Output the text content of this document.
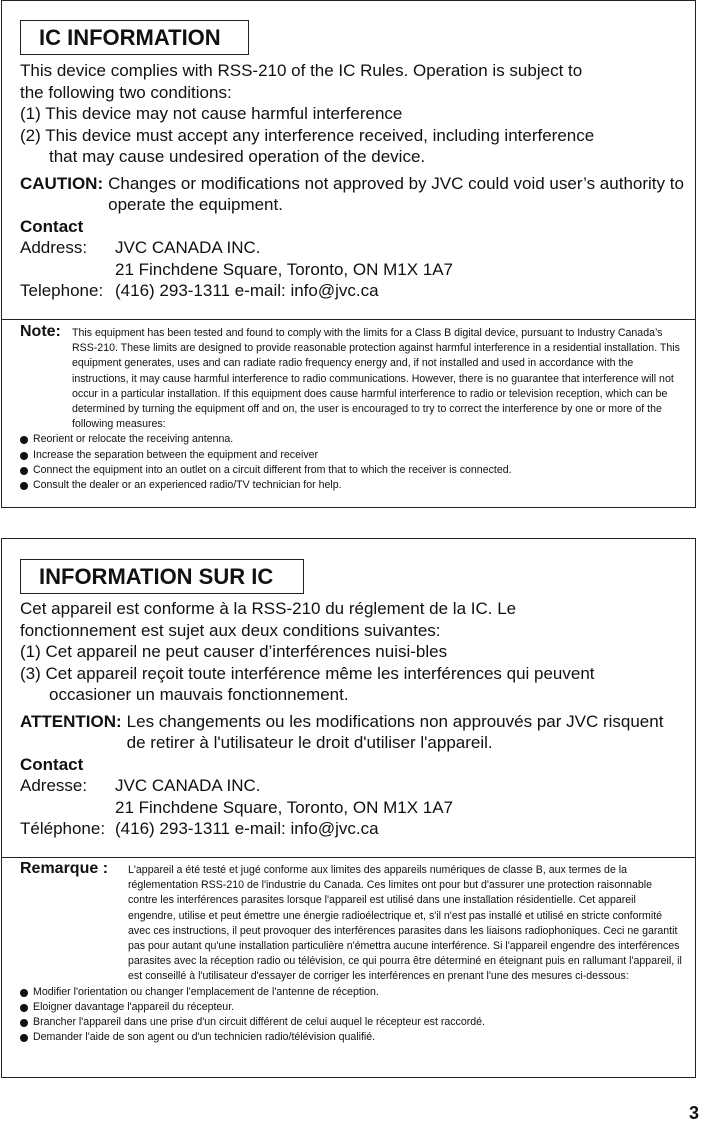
IC INFORMATION

This device complies with RSS-210 of the IC Rules. Operation is subject to

the following two conditions:

(1) This device may not cause harmful interference

(2) This device must accept any interference received, including interference

that may cause undesired operation of the device.

CAUTION: Changes or modifications not approved by JVC could void user’s authority to operate the equipment.
Contact
Address:	JVC CANADA INC.
21 Finchdene Square, Toronto, ON M1X 1A7
Telephone: (416) 293-1311 e-mail: info@jvc.ca
Note:	This equipment has been tested and found to comply with the limits for a Class B digital device, pursuant to Industry Canada’s RSS-210. These limits are designed to provide reasonable protection against harmful interference in a residential installation. This equipment generates, uses and can radiate radio frequency energy and, if not installed and used in accordance with the instructions, it may cause harmful interference to radio communications. However, there is no guarantee that interference will not occur in a particular installation. If this equipment does cause harmful interference to radio or television reception, which can be determined by turning the equipment off and on, the user is encouraged to try to correct the interference by one or more of the following measures:
Reorient or relocate the receiving antenna.
Increase the separation between the equipment and receiver
Connect the equipment into an outlet on a circuit different from that to which the receiver is connected.
Consult the dealer or an experienced radio/TV technician for help.
INFORMATION SUR IC

Cet appareil est conforme à la RSS-210 du réglement de la IC. Le

fonctionnement est sujet aux deux conditions suivantes:

(1) Cet appareil ne peut causer d’interférences nuisi-bles

(3) Cet appareil reçoit toute interférence même les interférences qui peuvent

occasioner un mauvais fonctionnement.

ATTENTION: Les changements ou les modifications non approuvés par JVC risquent de retirer à l'utilisateur le droit d'utiliser l'appareil.
Contact
Adresse:	JVC CANADA INC.
21 Finchdene Square, Toronto, ON M1X 1A7
Téléphone: (416) 293-1311 e-mail: info@jvc.ca
Remarque :	L'appareil a été testé et jugé conforme aux limites des appareils numériques de classe B, aux termes de la réglementation RSS-210 de l'industrie du Canada. Ces limites ont pour but d'assurer une protection raisonnable contre les interférences parasites lorsque l'appareil est utilisé dans une installation résidentielle. Cet appareil engendre, utilise et peut émettre une énergie radioélectrique et, s'il n'est pas installé et utilisé en stricte conformité avec ces instructions, il peut provoquer des interférences parasites dans les liaisons radiophoniques. Ceci ne garantit pas pour autant qu'une installation particulière n'émettra aucune interférence. Si l'appareil engendre des interférences parasites avec la réception radio ou télévision, ce qui pourra être déterminé en éteignant puis en rallumant l'appareil, il est conseillé à l'utilisateur d'essayer de corriger les interférences en prenant l'une des mesures ci-dessous:
Modifier l'orientation ou changer l'emplacement de l'antenne de réception.
Eloigner davantage l'appareil du récepteur.
Brancher l'appareil dans une prise d'un circuit différent de celui auquel le récepteur est raccordé.
Demander l'aide de son agent ou d'un technicien radio/télévision qualifié.
3
